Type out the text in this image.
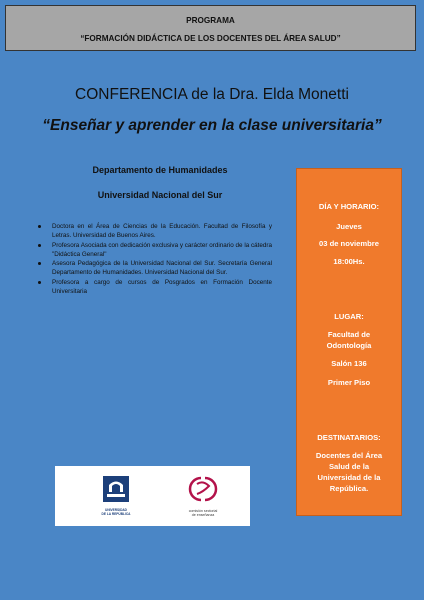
PROGRAMA
“FORMACIÓN DIDÁCTICA DE LOS DOCENTES DEL ÁREA SALUD”
CONFERENCIA de la Dra. Elda Monetti
“Enseñar y aprender en la clase universitaria”
Departamento de Humanidades
Universidad Nacional del Sur
Doctora en el Área de Ciencias de la Educación. Facultad de Filosofía y Letras. Universidad de Buenos Aires.
Profesora Asociada con dedicación exclusiva y carácter ordinario de la cátedra "Didáctica General"
Asesora Pedagógica de la Universidad Nacional del Sur. Secretaría General Departamento de Humanidades. Universidad Nacional del Sur.
Profesora a cargo de cursos de Posgrados en Formación Docente Universitaria
DÍA Y HORARIO:
Jueves
03 de noviembre
18:00Hs.
LUGAR:
Facultad de
Odontología
Salón 136
Primer Piso
DESTINATARIOS:
Docentes del Área
Salud de la
Universidad de la
República.
UNIVERSIDAD
DE LA REPÚBLICA
comisión sectorial
de enseñanza
